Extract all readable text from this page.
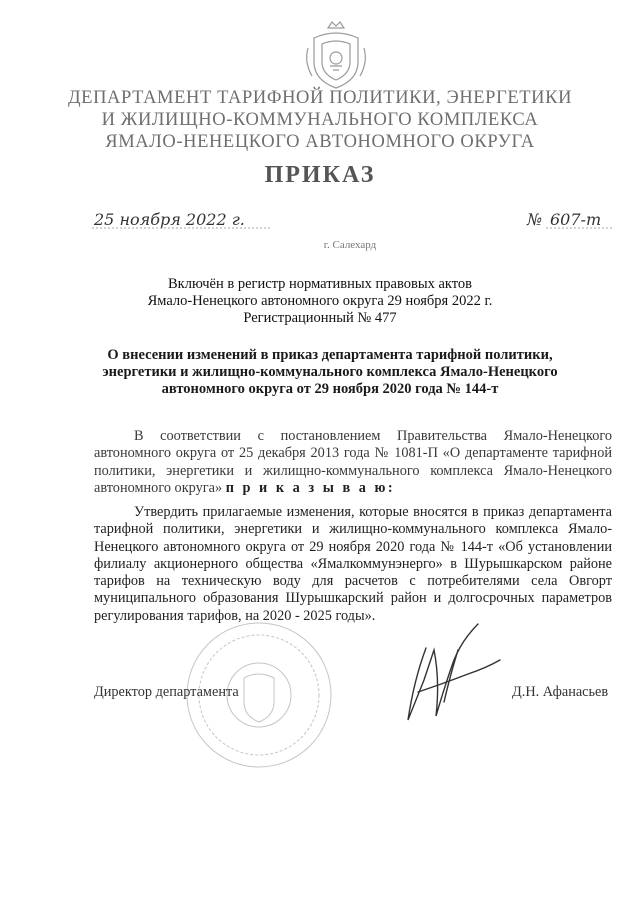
ДЕПАРТАМЕНТ ТАРИФНОЙ ПОЛИТИКИ, ЭНЕРГЕТИКИ
И ЖИЛИЩНО-КОММУНАЛЬНОГО КОМПЛЕКСА
ЯМАЛО-НЕНЕЦКОГО АВТОНОМНОГО ОКРУГА
ПРИКАЗ
25 ноября 2022 г.	№ 607-т
г. Салехард
Включён в регистр нормативных правовых актов
Ямало-Ненецкого автономного округа 29 ноября 2022 г.
Регистрационный № 477
О внесении изменений в приказ департамента тарифной политики,
энергетики и жилищно-коммунального комплекса Ямало-Ненецкого
автономного округа от 29 ноября 2020 года № 144-т
В соответствии с постановлением Правительства Ямало-Ненецкого автономного округа от 25 декабря 2013 года № 1081-П «О департаменте тарифной политики, энергетики и жилищно-коммунального комплекса Ямало-Ненецкого автономного округа» п р и к а з ы в а ю:
Утвердить прилагаемые изменения, которые вносятся в приказ департамента тарифной политики, энергетики и жилищно-коммунального комплекса Ямало-Ненецкого автономного округа от 29 ноября 2020 года № 144-т «Об установлении филиалу акционерного общества «Ямалкоммунэнерго» в Шурышкарском районе тарифов на техническую воду для расчетов с потребителями села Овгорт муниципального образования Шурышкарский район и долгосрочных параметров регулирования тарифов, на 2020 - 2025 годы».
Директор департамента	Д.Н. Афанасьев
